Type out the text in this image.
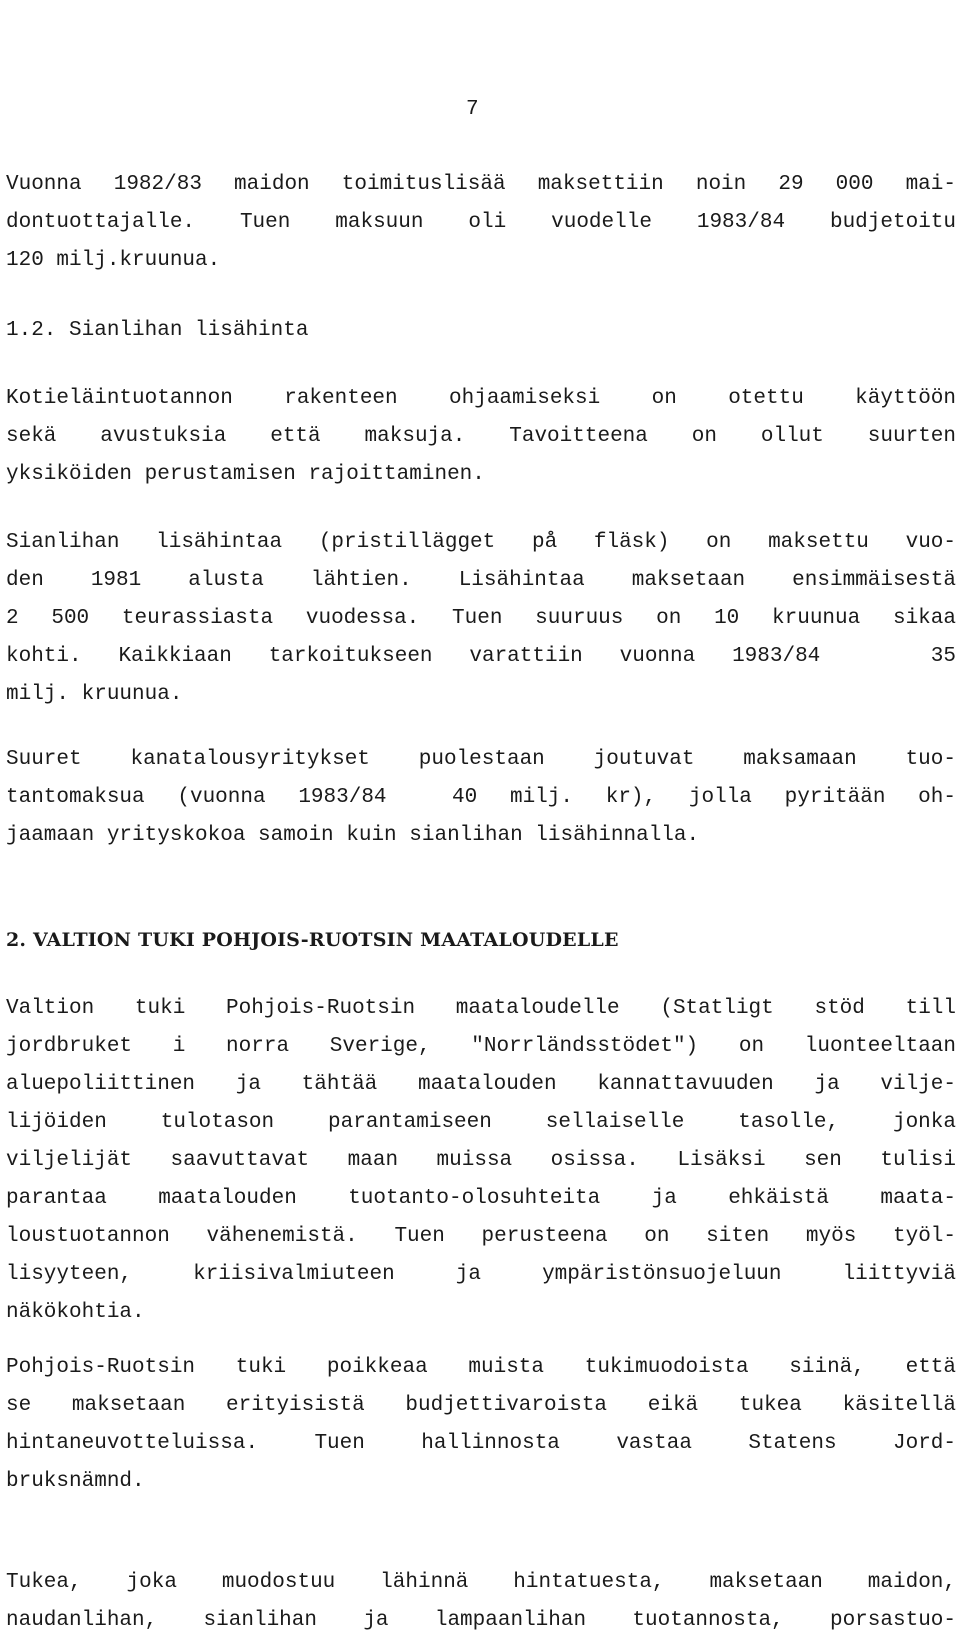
7

Vuonna 1982/83 maidon toimituslisää maksettiin noin 29 000 mai-
dontuottajalle. Tuen maksuun oli vuodelle 1983/84 budjetoitu
120 milj.kruunua.
1.2. Sianlihan lisähinta
Kotieläintuotannon rakenteen ohjaamiseksi on otettu käyttöön
sekä avustuksia että maksuja. Tavoitteena on ollut suurten
yksiköiden perustamisen rajoittaminen.
Sianlihan lisähintaa (pristillägget på fläsk) on maksettu vuo-
den 1981 alusta lähtien. Lisähintaa maksetaan ensimmäisestä
2 500 teurassiasta vuodessa. Tuen suuruus on 10 kruunua sikaa
kohti. Kaikkiaan tarkoitukseen varattiin vuonna 1983/84   35
milj. kruunua.
Suuret kanatalousyritykset puolestaan joutuvat maksamaan tuo-
tantomaksua (vuonna 1983/84  40 milj. kr), jolla pyritään oh-
jaamaan yrityskokoa samoin kuin sianlihan lisähinnalla.
2. VALTION TUKI POHJOIS-RUOTSIN MAATALOUDELLE
Valtion tuki Pohjois-Ruotsin maataloudelle (Statligt stöd till
jordbruket i norra Sverige, "Norrländsstödet") on luonteeltaan
aluepoliittinen ja tähtää maatalouden kannattavuuden ja vilje-
lijöiden tulotason parantamiseen sellaiselle tasolle, jonka
viljelijät saavuttavat maan muissa osissa. Lisäksi sen tulisi
parantaa maatalouden tuotanto-olosuhteita ja ehkäistä maata-
loustuotannon vähenemistä. Tuen perusteena on siten myös työl-
lisyyteen, kriisivalmiuteen ja ympäristönsuojeluun liittyviä
näkökohtia.
Pohjois-Ruotsin tuki poikkeaa muista tukimuodoista siinä, että
se maksetaan erityisistä budjettivaroista eikä tukea käsitellä
hintaneuvotteluissa. Tuen hallinnosta vastaa Statens Jord-
bruksnämnd.
Tukea, joka muodostuu lähinnä hintatuesta, maksetaan maidon,
naudanlihan, sianlihan ja lampaanlihan tuotannosta, porsastuo-
